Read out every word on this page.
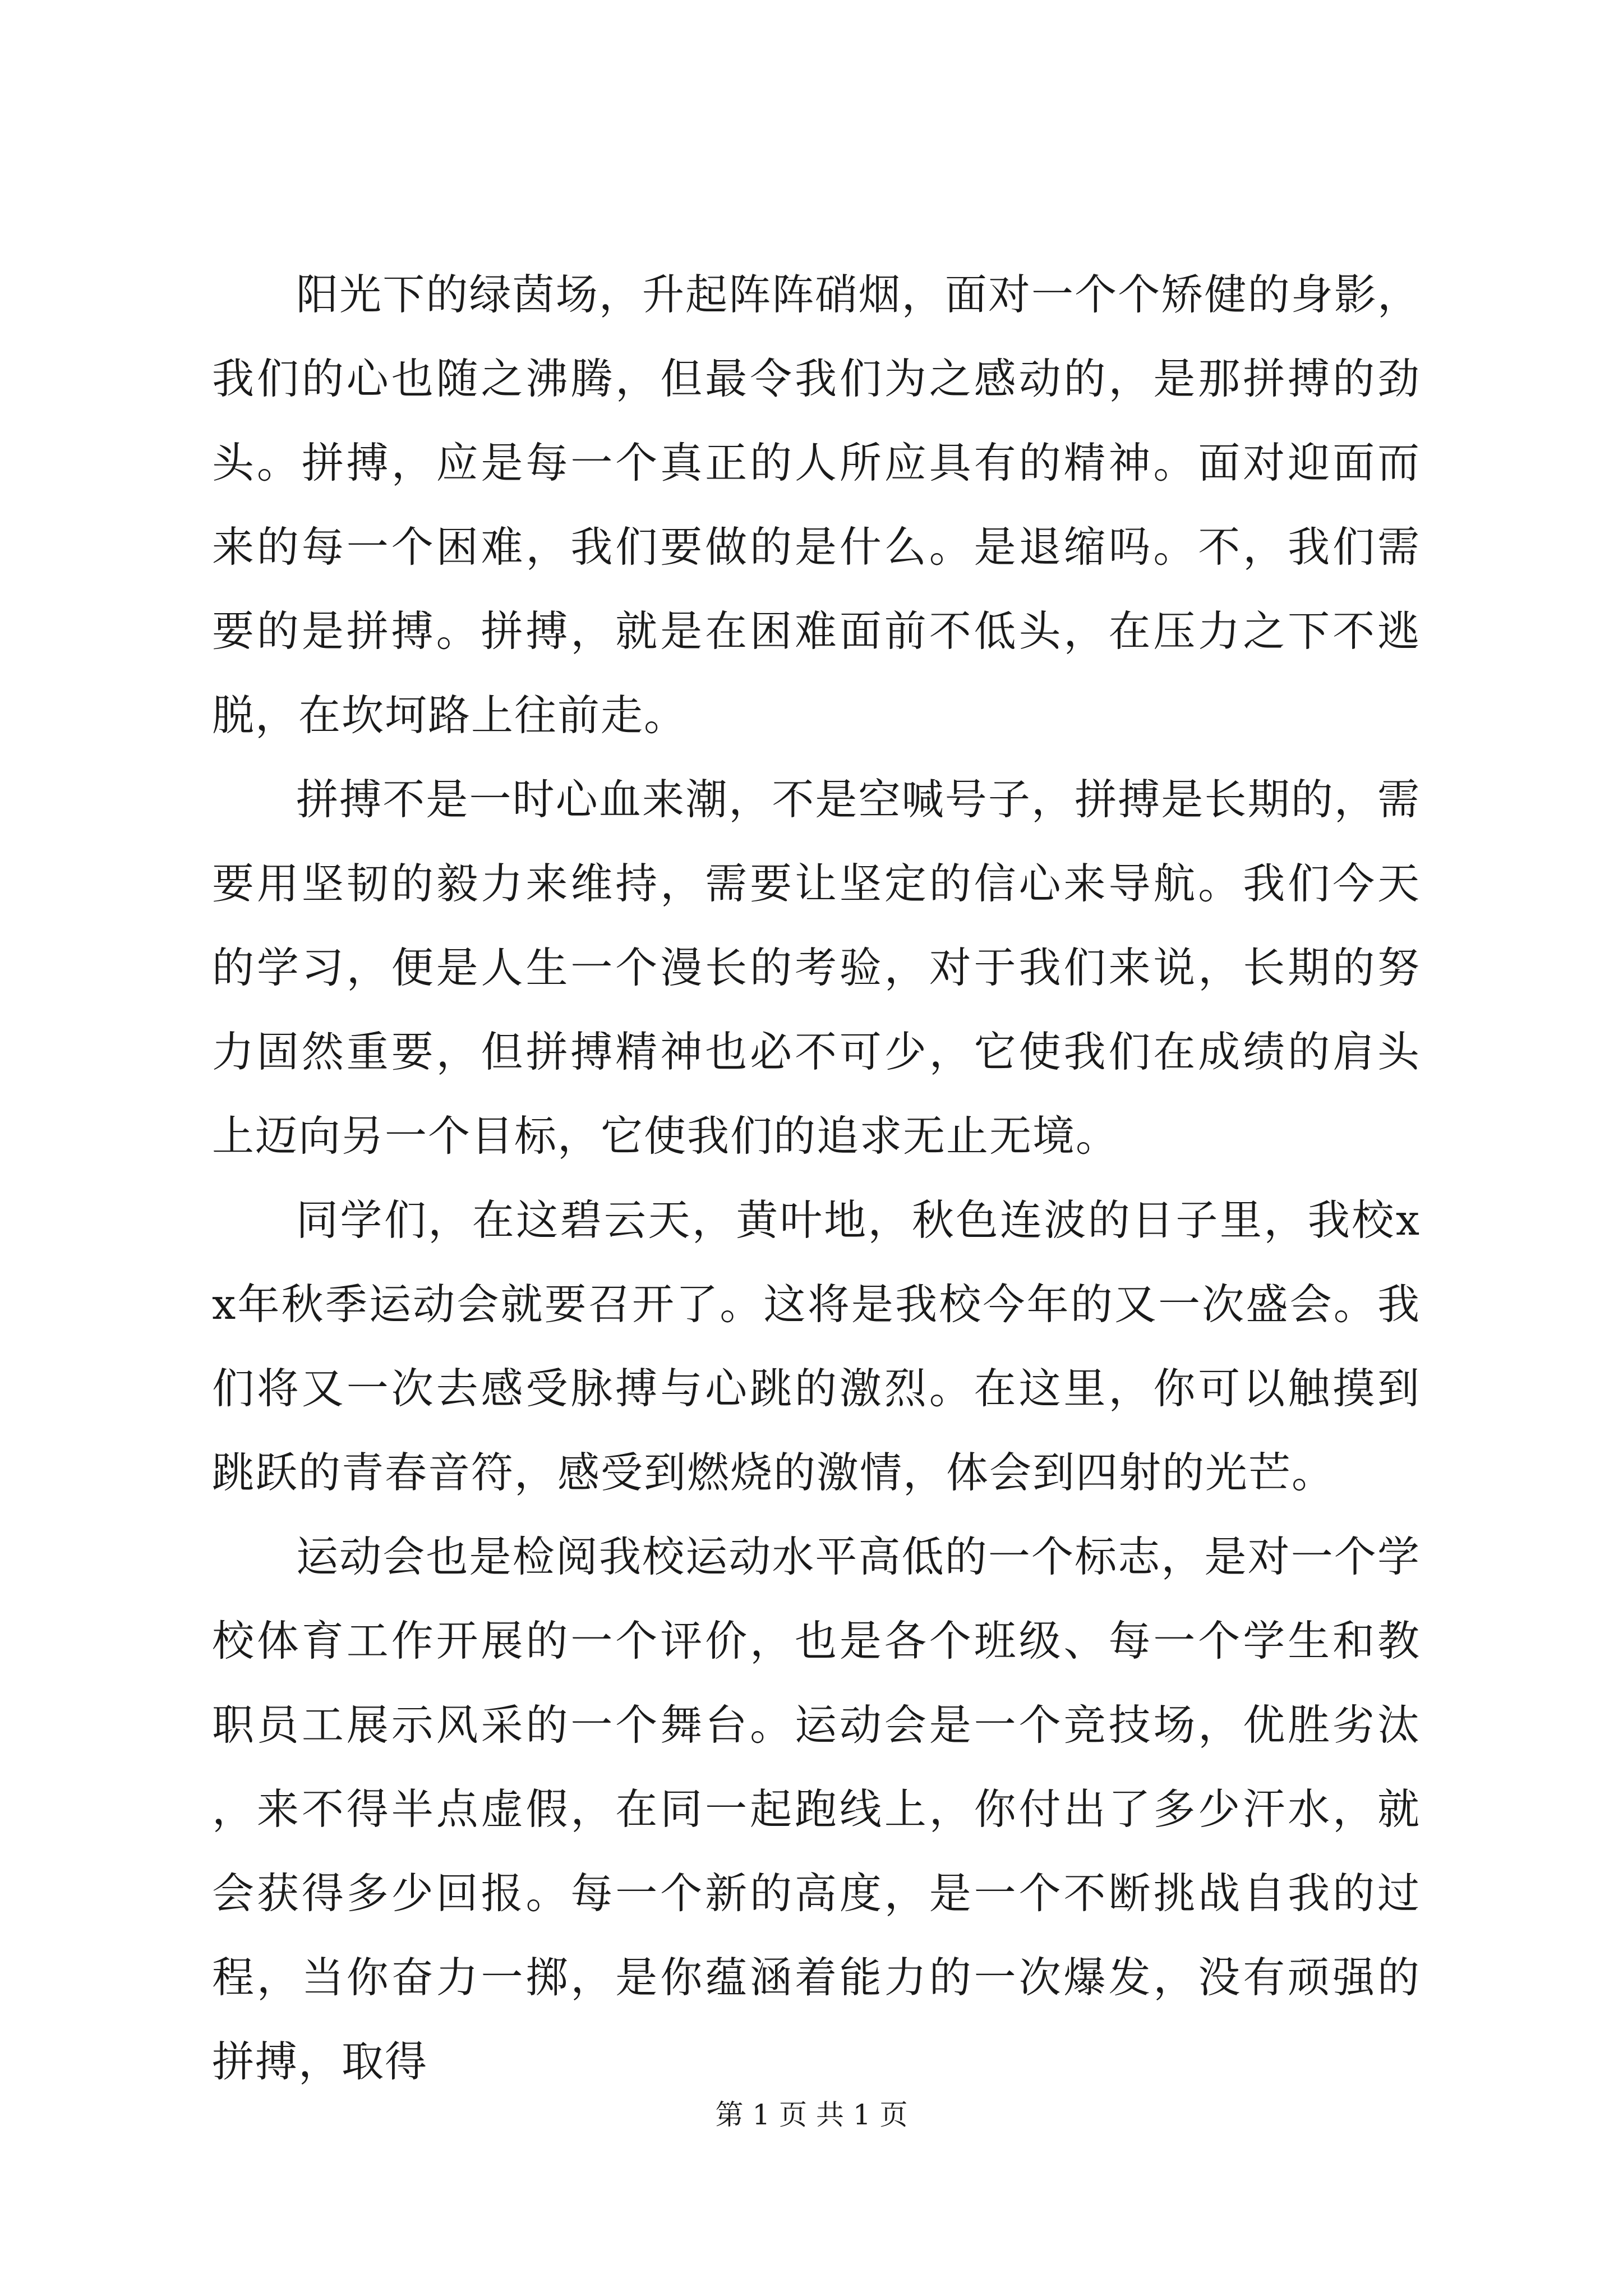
阳光下的绿茵场，升起阵阵硝烟，面对一个个矫健的身影，我们的心也随之沸腾，但最令我们为之感动的，是那拼搏的劲头。拼搏，应是每一个真正的人所应具有的精神。面对迎面而来的每一个困难，我们要做的是什么。是退缩吗。不，我们需要的是拼搏。拼搏，就是在困难面前不低头，在压力之下不逃脱，在坎坷路上往前走。

拼搏不是一时心血来潮，不是空喊号子，拼搏是长期的，需要用坚韧的毅力来维持，需要让坚定的信心来导航。我们今天的学习，便是人生一个漫长的考验，对于我们来说，长期的努力固然重要，但拼搏精神也必不可少，它使我们在成绩的肩头上迈向另一个目标，它使我们的追求无止无境。

同学们，在这碧云天，黄叶地，秋色连波的日子里，我校xx年秋季运动会就要召开了。这将是我校今年的又一次盛会。我们将又一次去感受脉搏与心跳的激烈。在这里，你可以触摸到跳跃的青春音符，感受到燃烧的激情，体会到四射的光芒。

运动会也是检阅我校运动水平高低的一个标志，是对一个学校体育工作开展的一个评价，也是各个班级、每一个学生和教职员工展示风采的一个舞台。运动会是一个竞技场，优胜劣汰，来不得半点虚假，在同一起跑线上，你付出了多少汗水，就会获得多少回报。每一个新的高度，是一个不断挑战自我的过程，当你奋力一掷，是你蕴涵着能力的一次爆发，没有顽强的拼搏，取得

第 1 页 共 1 页
